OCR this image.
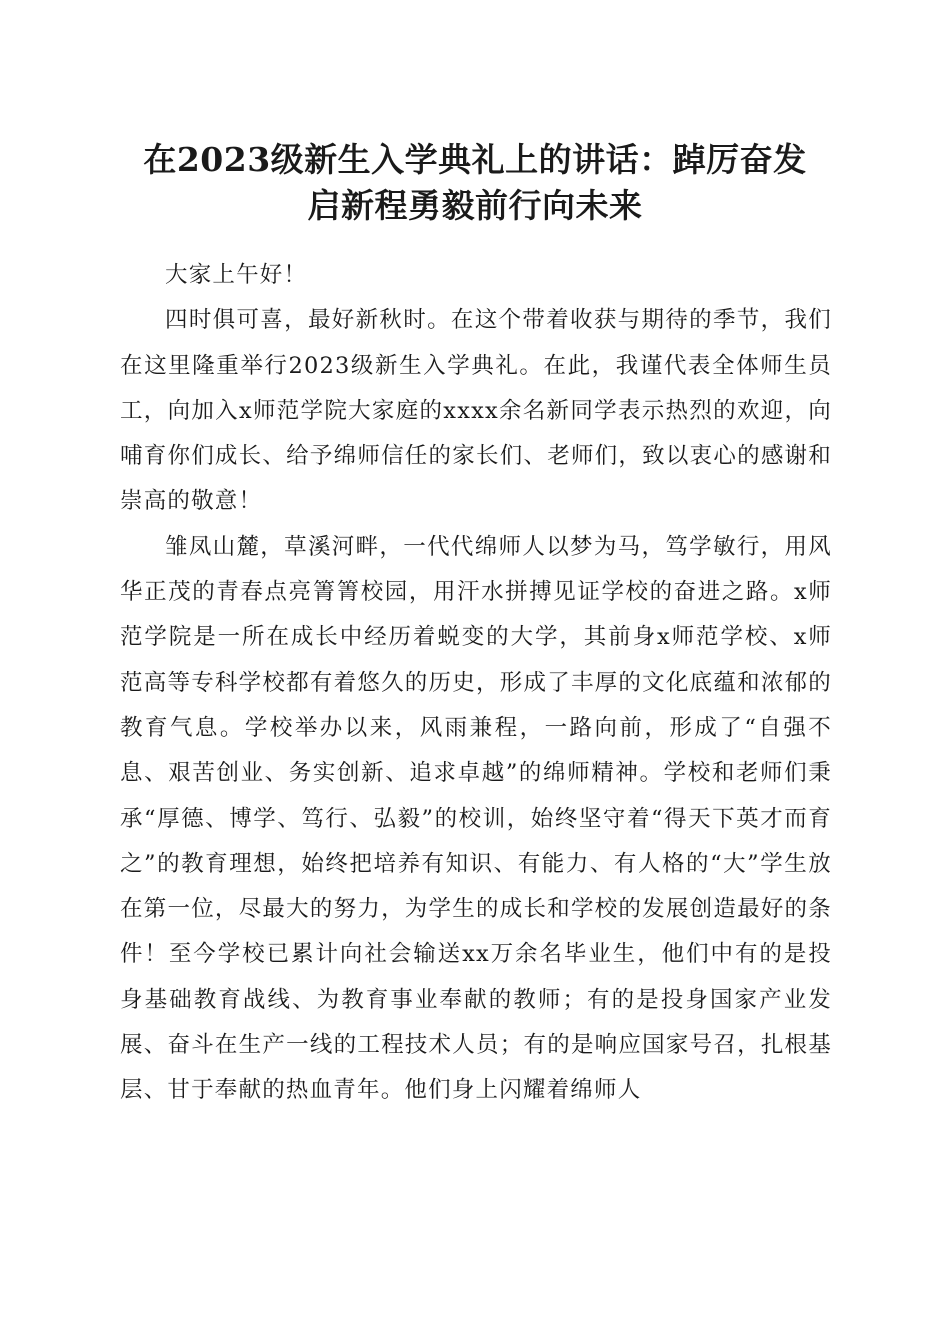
在2023级新生入学典礼上的讲话：踔厉奋发
启新程勇毅前行向未来

大家上午好！

四时俱可喜，最好新秋时。在这个带着收获与期待的季节，我们在这里隆重举行2023级新生入学典礼。在此，我谨代表全体师生员工，向加入x师范学院大家庭的xxxx余名新同学表示热烈的欢迎，向哺育你们成长、给予绵师信任的家长们、老师们，致以衷心的感谢和崇高的敬意！

雏凤山麓，草溪河畔，一代代绵师人以梦为马，笃学敏行，用风华正茂的青春点亮箐箐校园，用汗水拼搏见证学校的奋进之路。x师范学院是一所在成长中经历着蜕变的大学，其前身x师范学校、x师范高等专科学校都有着悠久的历史，形成了丰厚的文化底蕴和浓郁的教育气息。学校举办以来，风雨兼程，一路向前，形成了“自强不息、艰苦创业、务实创新、追求卓越”的绵师精神。学校和老师们秉承“厚德、博学、笃行、弘毅”的校训，始终坚守着“得天下英才而育之”的教育理想，始终把培养有知识、有能力、有人格的“大”学生放在第一位，尽最大的努力，为学生的成长和学校的发展创造最好的条件！至今学校已累计向社会输送xx万余名毕业生，他们中有的是投身基础教育战线、为教育事业奉献的教师；有的是投身国家产业发展、奋斗在生产一线的工程技术人员；有的是响应国家号召，扎根基层、甘于奉献的热血青年。他们身上闪耀着绵师人
